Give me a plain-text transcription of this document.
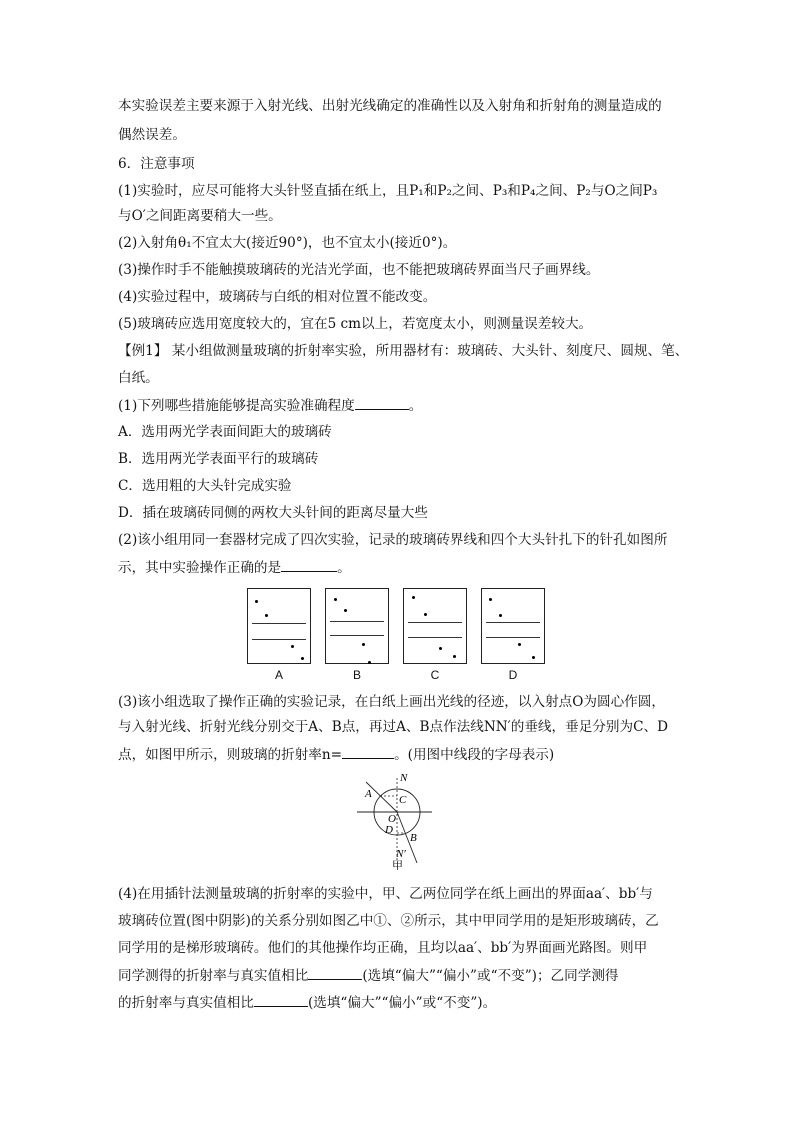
本实验误差主要来源于入射光线、出射光线确定的准确性以及入射角和折射角的测量造成的
偶然误差。
6．注意事项
(1)实验时，应尽可能将大头针竖直插在纸上，且P₁和P₂之间、P₃和P₄之间、P₂与O之间P₃
与O′之间距离要稍大一些。
(2)入射角θ₁不宜太大(接近90°)，也不宜太小(接近0°)。
(3)操作时手不能触摸玻璃砖的光洁光学面，也不能把玻璃砖界面当尺子画界线。
(4)实验过程中，玻璃砖与白纸的相对位置不能改变。
(5)玻璃砖应选用宽度较大的，宜在5 cm以上，若宽度太小，则测量误差较大。
【例1】 某小组做测量玻璃的折射率实验，所用器材有：玻璃砖、大头针、刻度尺、圆规、笔、
白纸。
(1)下列哪些措施能够提高实验准确程度	。
A．选用两光学表面间距大的玻璃砖
B．选用两光学表面平行的玻璃砖
C．选用粗的大头针完成实验
D．插在玻璃砖同侧的两枚大头针间的距离尽量大些
(2)该小组用同一套器材完成了四次实验，记录的玻璃砖界线和四个大头针扎下的针孔如图所
示，其中实验操作正确的是	。
A	B	C	D
(3)该小组选取了操作正确的实验记录，在白纸上画出光线的径迹，以入射点O为圆心作圆，
与入射光线、折射光线分别交于A、B点，再过A、B点作法线NN′的垂线，垂足分别为C、D
点，如图甲所示，则玻璃的折射率n=	。(用图中线段的字母表示)
N
A C
O
D
B
N′
甲
(4)在用插针法测量玻璃的折射率的实验中，甲、乙两位同学在纸上画出的界面aa′、bb′与
玻璃砖位置(图中阴影)的关系分别如图乙中①、②所示，其中甲同学用的是矩形玻璃砖，乙
同学用的是梯形玻璃砖。他们的其他操作均正确，且均以aa′、bb′为界面画光路图。则甲
同学测得的折射率与真实值相比	(选填“偏大”“偏小”或“不变”)；乙同学测得
的折射率与真实值相比	(选填“偏大”“偏小”或“不变”)。
